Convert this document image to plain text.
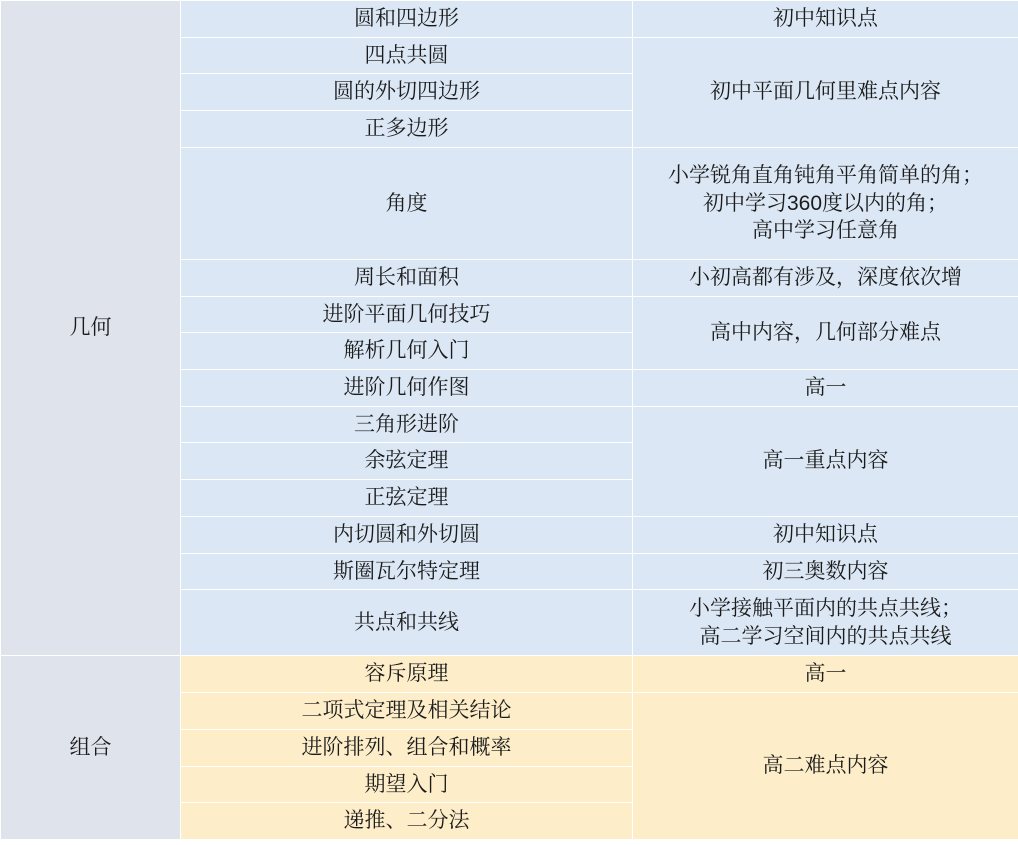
几何	圆和四边形	初中知识点
	四点共圆	初中平面几何里难点内容
	圆的外切四边形	
	正多边形	
	角度	小学锐角直角钝角平角简单的角；
初中学习360度以内的角；
高中学习任意角

	周长和面积	小初高都有涉及，深度依次增
	进阶平面几何技巧	高中内容，几何部分难点
	解析几何入门	
	进阶几何作图	高一
	三角形进阶	高一重点内容
	余弦定理	
	正弦定理	
	内切圆和外切圆	初中知识点
	斯圈瓦尔特定理	初三奥数内容
	共点和共线	小学接触平面内的共点共线；
高二学习空间内的共点共线

组合	容斥原理	高一
	二项式定理及相关结论	高二难点内容
	进阶排列、组合和概率	
	期望入门	
	递推、二分法	
